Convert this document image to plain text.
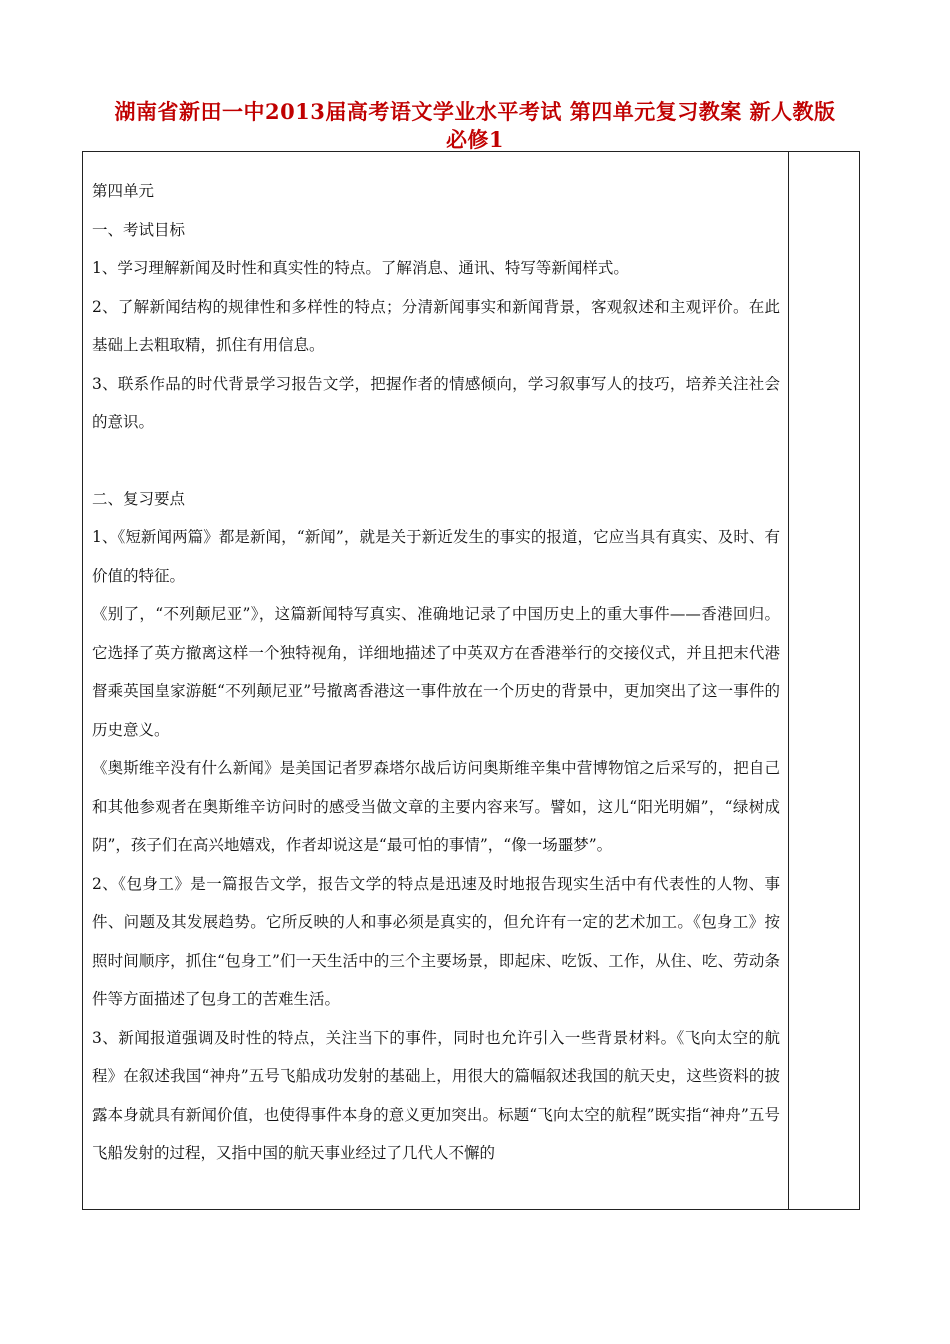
湖南省新田一中2013届高考语文学业水平考试 第四单元复习教案 新人教版
必修1

第四单元

一、考试目标

1、学习理解新闻及时性和真实性的特点。了解消息、通讯、特写等新闻样式。

2、了解新闻结构的规律性和多样性的特点；分清新闻事实和新闻背景，客观叙述和主观评价。在此基础上去粗取精，抓住有用信息。

3、联系作品的时代背景学习报告文学，把握作者的情感倾向，学习叙事写人的技巧，培养关注社会的意识。

二、复习要点

1、《短新闻两篇》都是新闻，“新闻”，就是关于新近发生的事实的报道，它应当具有真实、及时、有价值的特征。

《别了，“不列颠尼亚”》，这篇新闻特写真实、准确地记录了中国历史上的重大事件——香港回归。它选择了英方撤离这样一个独特视角，详细地描述了中英双方在香港举行的交接仪式，并且把末代港督乘英国皇家游艇“不列颠尼亚”号撤离香港这一事件放在一个历史的背景中，更加突出了这一事件的历史意义。

《奥斯维辛没有什么新闻》是美国记者罗森塔尔战后访问奥斯维辛集中营博物馆之后采写的，把自己和其他参观者在奥斯维辛访问时的感受当做文章的主要内容来写。譬如，这儿“阳光明媚”，“绿树成阴”，孩子们在高兴地嬉戏，作者却说这是“最可怕的事情”，“像一场噩梦”。

2、《包身工》是一篇报告文学，报告文学的特点是迅速及时地报告现实生活中有代表性的人物、事件、问题及其发展趋势。它所反映的人和事必须是真实的，但允许有一定的艺术加工。《包身工》按照时间顺序，抓住“包身工”们一天生活中的三个主要场景，即起床、吃饭、工作，从住、吃、劳动条件等方面描述了包身工的苦难生活。

3、新闻报道强调及时性的特点，关注当下的事件，同时也允许引入一些背景材料。《飞向太空的航程》在叙述我国“神舟”五号飞船成功发射的基础上，用很大的篇幅叙述我国的航天史，这些资料的披露本身就具有新闻价值，也使得事件本身的意义更加突出。标题“飞向太空的航程”既实指“神舟”五号飞船发射的过程，又指中国的航天事业经过了几代人不懈的
